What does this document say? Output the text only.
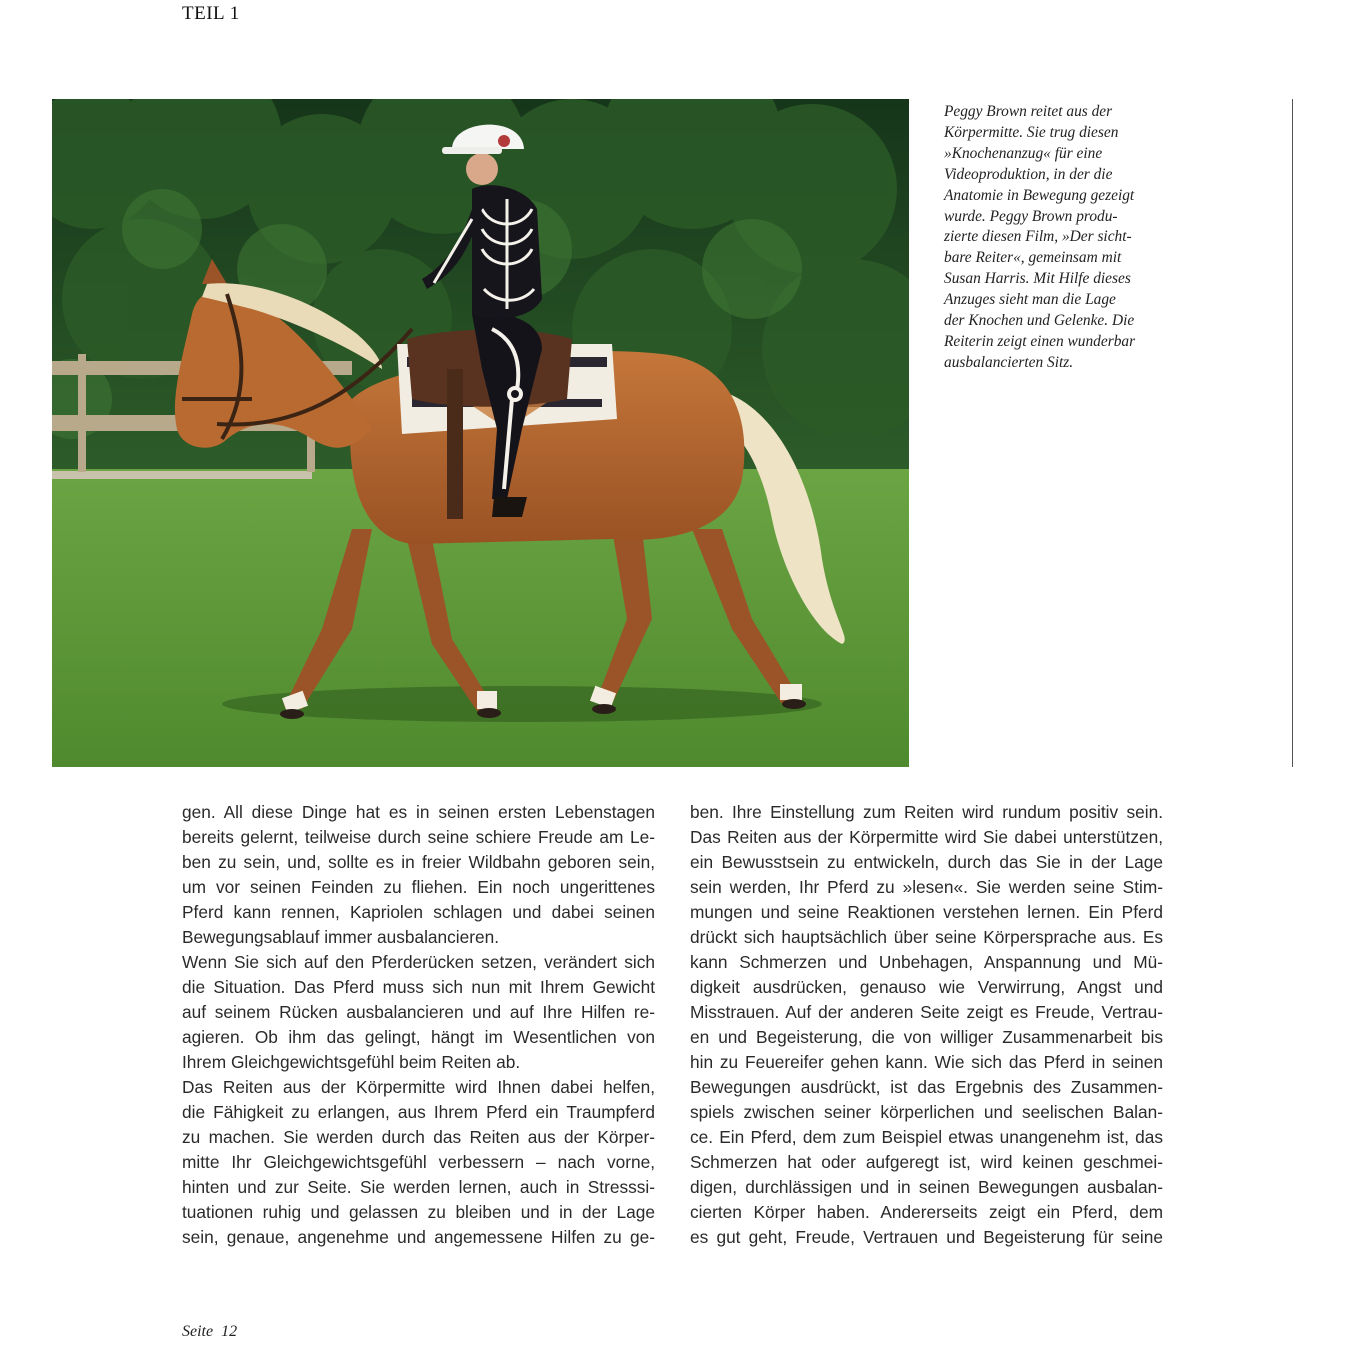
TEIL 1
Peggy Brown reitet aus der
Körpermitte. Sie trug diesen
»Knochenanzug« für eine
Videoproduktion, in der die
Anatomie in Bewegung gezeigt
wurde. Peggy Brown produ-
zierte diesen Film, »Der sicht-
bare Reiter«, gemeinsam mit
Susan Harris. Mit Hilfe dieses
Anzuges sieht man die Lage
der Knochen und Gelenke. Die
Reiterin zeigt einen wunderbar
ausbalancierten Sitz.
gen. All diese Dinge hat es in seinen ersten Lebenstagen
bereits gelernt, teilweise durch seine schiere Freude am Le-
ben zu sein, und, sollte es in freier Wildbahn geboren sein,
um vor seinen Feinden zu fliehen. Ein noch ungerittenes
Pferd kann rennen, Kapriolen schlagen und dabei seinen
Bewegungsablauf immer ausbalancieren.
Wenn Sie sich auf den Pferderücken setzen, verändert sich
die Situation. Das Pferd muss sich nun mit Ihrem Gewicht
auf seinem Rücken ausbalancieren und auf Ihre Hilfen re-
agieren. Ob ihm das gelingt, hängt im Wesentlichen von
Ihrem Gleichgewichtsgefühl beim Reiten ab.
Das Reiten aus der Körpermitte wird Ihnen dabei helfen,
die Fähigkeit zu erlangen, aus Ihrem Pferd ein Traumpferd
zu machen. Sie werden durch das Reiten aus der Körper-
mitte Ihr Gleichgewichtsgefühl verbessern – nach vorne,
hinten und zur Seite. Sie werden lernen, auch in Stresssi-
tuationen ruhig und gelassen zu bleiben und in der Lage
sein, genaue, angenehme und angemessene Hilfen zu ge-
ben. Ihre Einstellung zum Reiten wird rundum positiv sein.
Das Reiten aus der Körpermitte wird Sie dabei unterstützen,
ein Bewusstsein zu entwickeln, durch das Sie in der Lage
sein werden, Ihr Pferd zu »lesen«. Sie werden seine Stim-
mungen und seine Reaktionen verstehen lernen. Ein Pferd
drückt sich hauptsächlich über seine Körpersprache aus. Es
kann Schmerzen und Unbehagen, Anspannung und Mü-
digkeit ausdrücken, genauso wie Verwirrung, Angst und
Misstrauen. Auf der anderen Seite zeigt es Freude, Vertrau-
en und Begeisterung, die von williger Zusammenarbeit bis
hin zu Feuereifer gehen kann. Wie sich das Pferd in seinen
Bewegungen ausdrückt, ist das Ergebnis des Zusammen-
spiels zwischen seiner körperlichen und seelischen Balan-
ce. Ein Pferd, dem zum Beispiel etwas unangenehm ist, das
Schmerzen hat oder aufgeregt ist, wird keinen geschmei-
digen, durchlässigen und in seinen Bewegungen ausbalan-
cierten Körper haben. Andererseits zeigt ein Pferd, dem
es gut geht, Freude, Vertrauen und Begeisterung für seine
Seite 12
